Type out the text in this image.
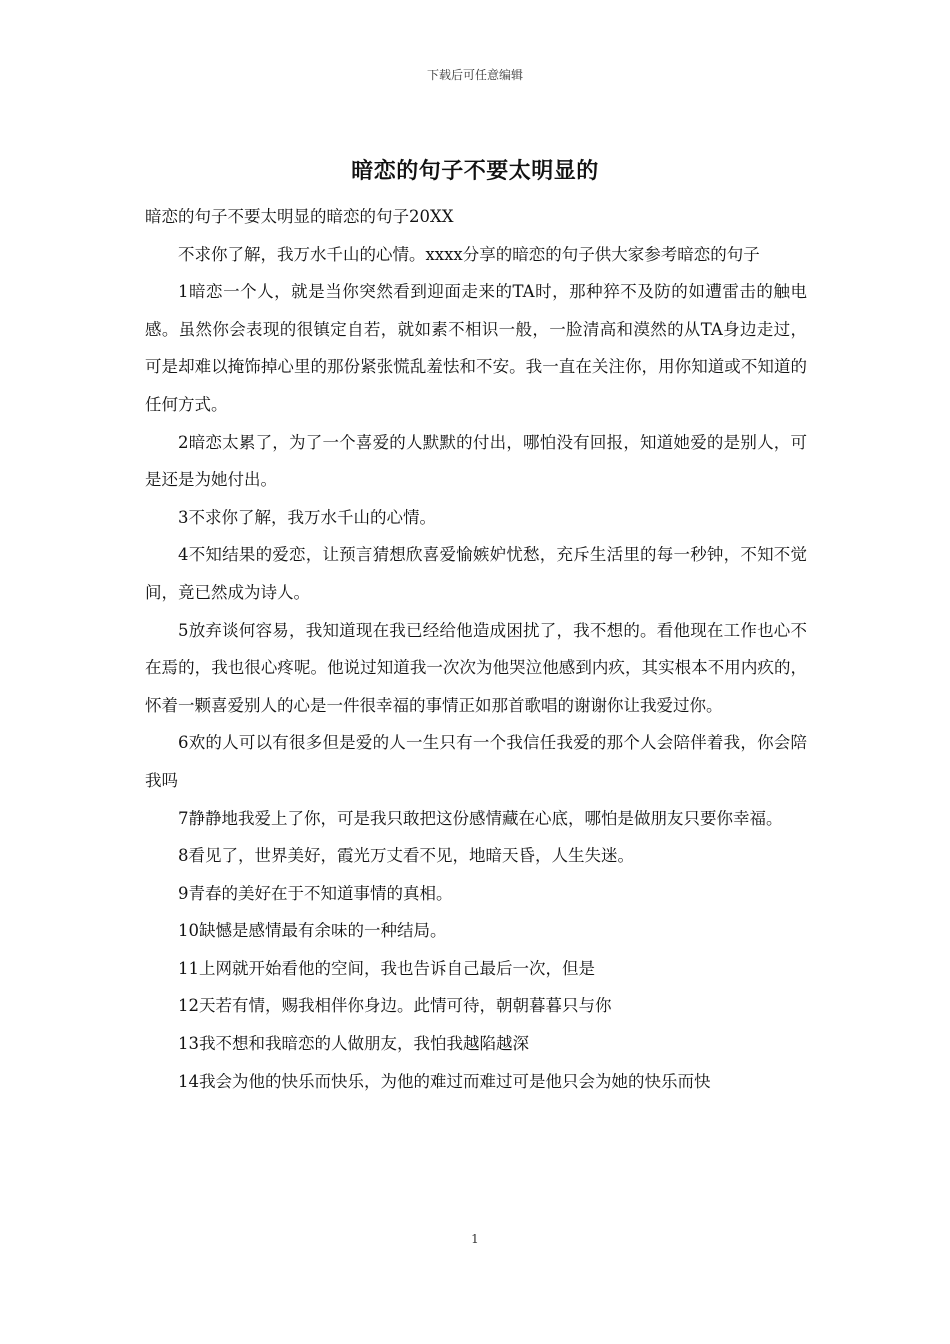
下载后可任意编辑
暗恋的句子不要太明显的

暗恋的句子不要太明显的暗恋的句子20XX

不求你了解，我万水千山的心情。xxxx分享的暗恋的句子供大家参考暗恋的句子

1暗恋一个人，就是当你突然看到迎面走来的TA时，那种猝不及防的如遭雷击的触电感。虽然你会表现的很镇定自若，就如素不相识一般，一脸清高和漠然的从TA身边走过，可是却难以掩饰掉心里的那份紧张慌乱羞怯和不安。我一直在关注你，用你知道或不知道的任何方式。

2暗恋太累了，为了一个喜爱的人默默的付出，哪怕没有回报，知道她爱的是别人，可是还是为她付出。

3不求你了解，我万水千山的心情。

4不知结果的爱恋，让预言猜想欣喜爱愉嫉妒忧愁，充斥生活里的每一秒钟，不知不觉间，竟已然成为诗人。

5放弃谈何容易，我知道现在我已经给他造成困扰了，我不想的。看他现在工作也心不在焉的，我也很心疼呢。他说过知道我一次次为他哭泣他感到内疚，其实根本不用内疚的，怀着一颗喜爱别人的心是一件很幸福的事情正如那首歌唱的谢谢你让我爱过你。

6欢的人可以有很多但是爱的人一生只有一个我信任我爱的那个人会陪伴着我，你会陪我吗

7静静地我爱上了你，可是我只敢把这份感情藏在心底，哪怕是做朋友只要你幸福。

8看见了，世界美好，霞光万丈看不见，地暗天昏，人生失迷。

9青春的美好在于不知道事情的真相。

10缺憾是感情最有余味的一种结局。

11上网就开始看他的空间，我也告诉自己最后一次，但是

12天若有情，赐我相伴你身边。此情可待，朝朝暮暮只与你

13我不想和我暗恋的人做朋友，我怕我越陷越深

14我会为他的快乐而快乐，为他的难过而难过可是他只会为她的快乐而快

1
